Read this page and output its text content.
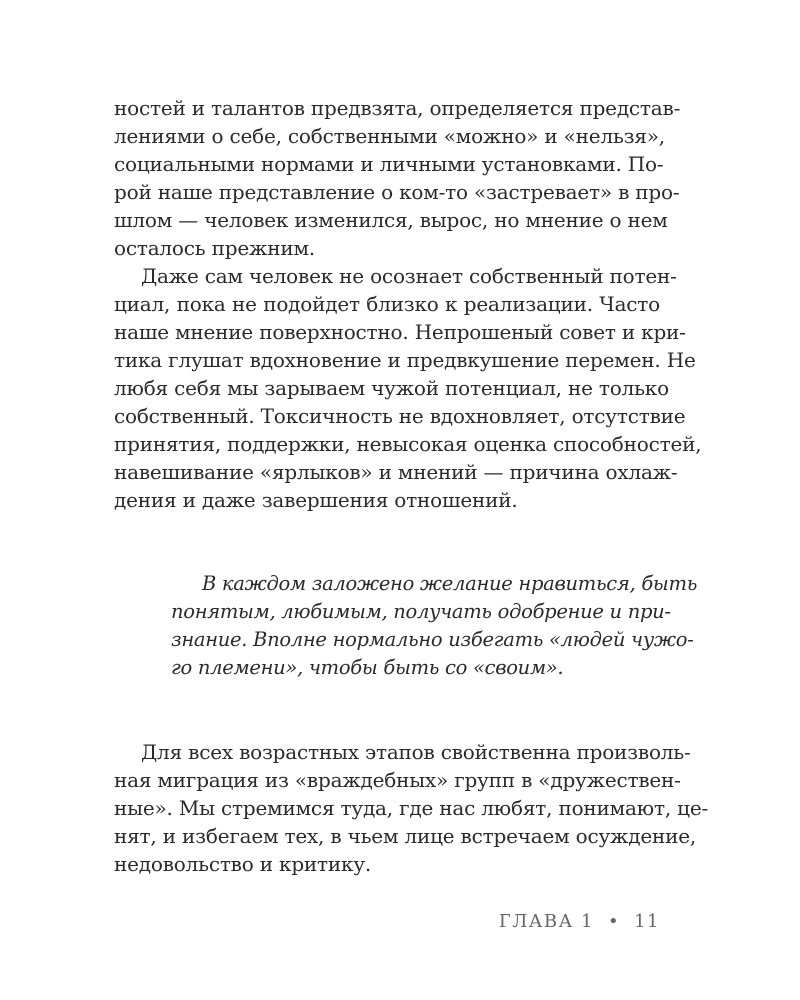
ностей и талантов предвзята, определяется представ-
лениями о себе, собственными «можно» и «нельзя»,
социальными нормами и личными установками. По-
рой наше представление о ком-то «застревает» в про-
шлом — человек изменился, вырос, но мнение о нем
осталось прежним.
Даже сам человек не осознает собственный потен-
циал, пока не подойдет близко к реализации. Часто
наше мнение поверхностно. Непрошеный совет и кри-
тика глушат вдохновение и предвкушение перемен. Не
любя себя мы зарываем чужой потенциал, не только
собственный. Токсичность не вдохновляет, отсутствие
принятия, поддержки, невысокая оценка способностей,
навешивание «ярлыков» и мнений — причина охлаж-
дения и даже завершения отношений.
В каждом заложено желание нравиться, быть
понятым, любимым, получать одобрение и при-
знание. Вполне нормально избегать «людей чужо-
го племени», чтобы быть со «своим».
Для всех возрастных этапов свойственна произволь-
ная миграция из «враждебных» групп в «дружествен-
ные». Мы стремимся туда, где нас любят, понимают, це-
нят, и избегаем тех, в чьем лице встречаем осуждение,
недовольство и критику.
ГЛАВА 1 • 11
